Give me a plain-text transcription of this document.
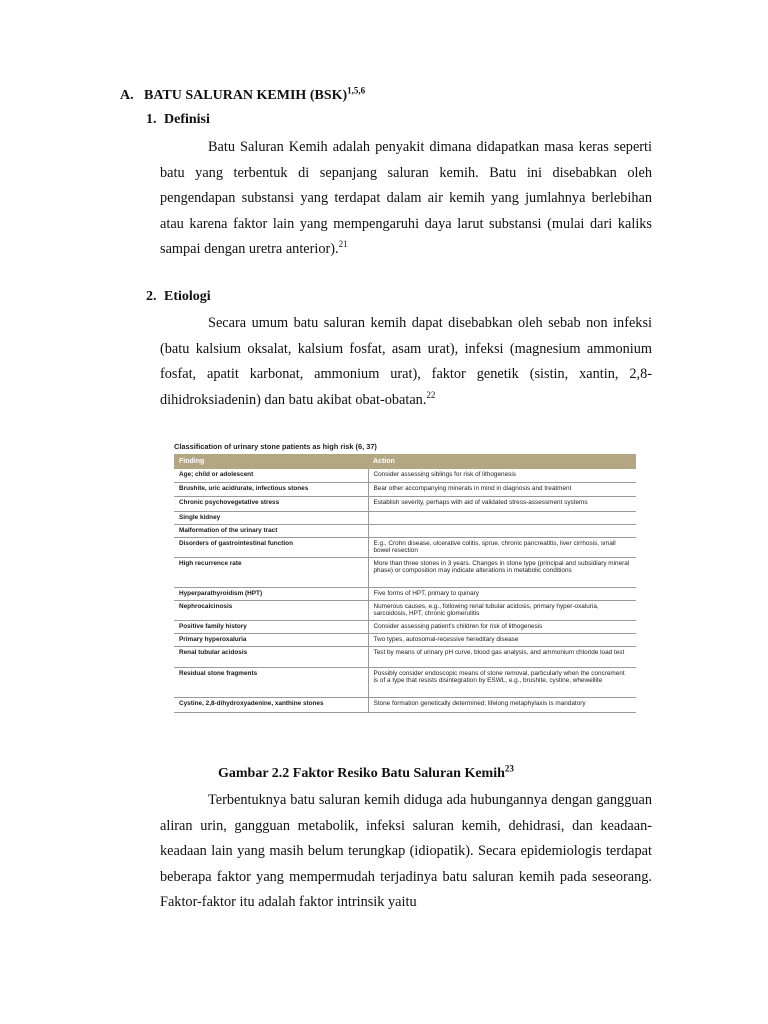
A. BATU SALURAN KEMIH (BSK)$^{1,5,6}$
1. Definisi

Batu Saluran Kemih adalah penyakit dimana didapatkan masa keras seperti batu yang terbentuk di sepanjang saluran kemih. Batu ini disebabkan oleh pengendapan substansi yang terdapat dalam air kemih yang jumlahnya berlebihan atau karena faktor lain yang mempengaruhi daya larut substansi (mulai dari kaliks sampai dengan uretra anterior).$^{21}$

2. Etiologi

Secara umum batu saluran kemih dapat disebabkan oleh sebab non infeksi (batu kalsium oksalat, kalsium fosfat, asam urat), infeksi (magnesium ammonium fosfat, apatit karbonat, ammonium urat), faktor genetik (sistin, xantin, 2,8-dihidroksiadenin) dan batu akibat obat-obatan.$^{22}$

Classification of urinary stone patients as high risk (6, 37)
Finding	Action
Age; child or adolescent	Consider assessing siblings for risk of lithogenesis
Brushite, uric acid/urate, infectious stones	Bear other accompanying minerals in mind in diagnosis and treatment
Chronic psychovegetative stress	Establish severity, perhaps with aid of validated stress-assessment systems
Single kidney	
Malformation of the urinary tract	
Disorders of gastrointestinal function	E.g., Crohn disease, ulcerative colitis, sprue, chronic pancreatitis, liver cirrhosis, small bowel resection
High recurrence rate	More than three stones in 3 years. Changes in stone type (principal and subsidiary mineral phase) or composition may indicate alterations in metabolic conditions
Hyperparathyroidism (HPT)	Five forms of HPT, primary to quinary
Nephrocalcinosis	Numerous causes, e.g., following renal tubular acidosis, primary hyper-oxaluria, sarcoidosis, HPT, chronic glomerulitis
Positive family history	Consider assessing patient's children for risk of lithogenesis
Primary hyperoxaluria	Two types, autosomal-recessive hereditary disease
Renal tubular acidosis	Test by means of urinary pH curve, blood gas analysis, and ammonium chloride load test
Residual stone fragments	Possibly consider endoscopic means of stone removal, particularly when the concrement is of a type that resists disintegration by ESWL, e.g., brushite, cystine, whewellite
Cystine, 2,8-dihydroxyadenine, xanthine stones	Stone formation genetically determined; lifelong metaphylaxis is mandatory
Gambar 2.2 Faktor Resiko Batu Saluran Kemih$^{23}$

Terbentuknya batu saluran kemih diduga ada hubungannya dengan gangguan aliran urin, gangguan metabolik, infeksi saluran kemih, dehidrasi, dan keadaan-keadaan lain yang masih belum terungkap (idiopatik). Secara epidemiologis terdapat beberapa faktor yang mempermudah terjadinya batu saluran kemih pada seseorang. Faktor-faktor itu adalah faktor intrinsik yaitu
